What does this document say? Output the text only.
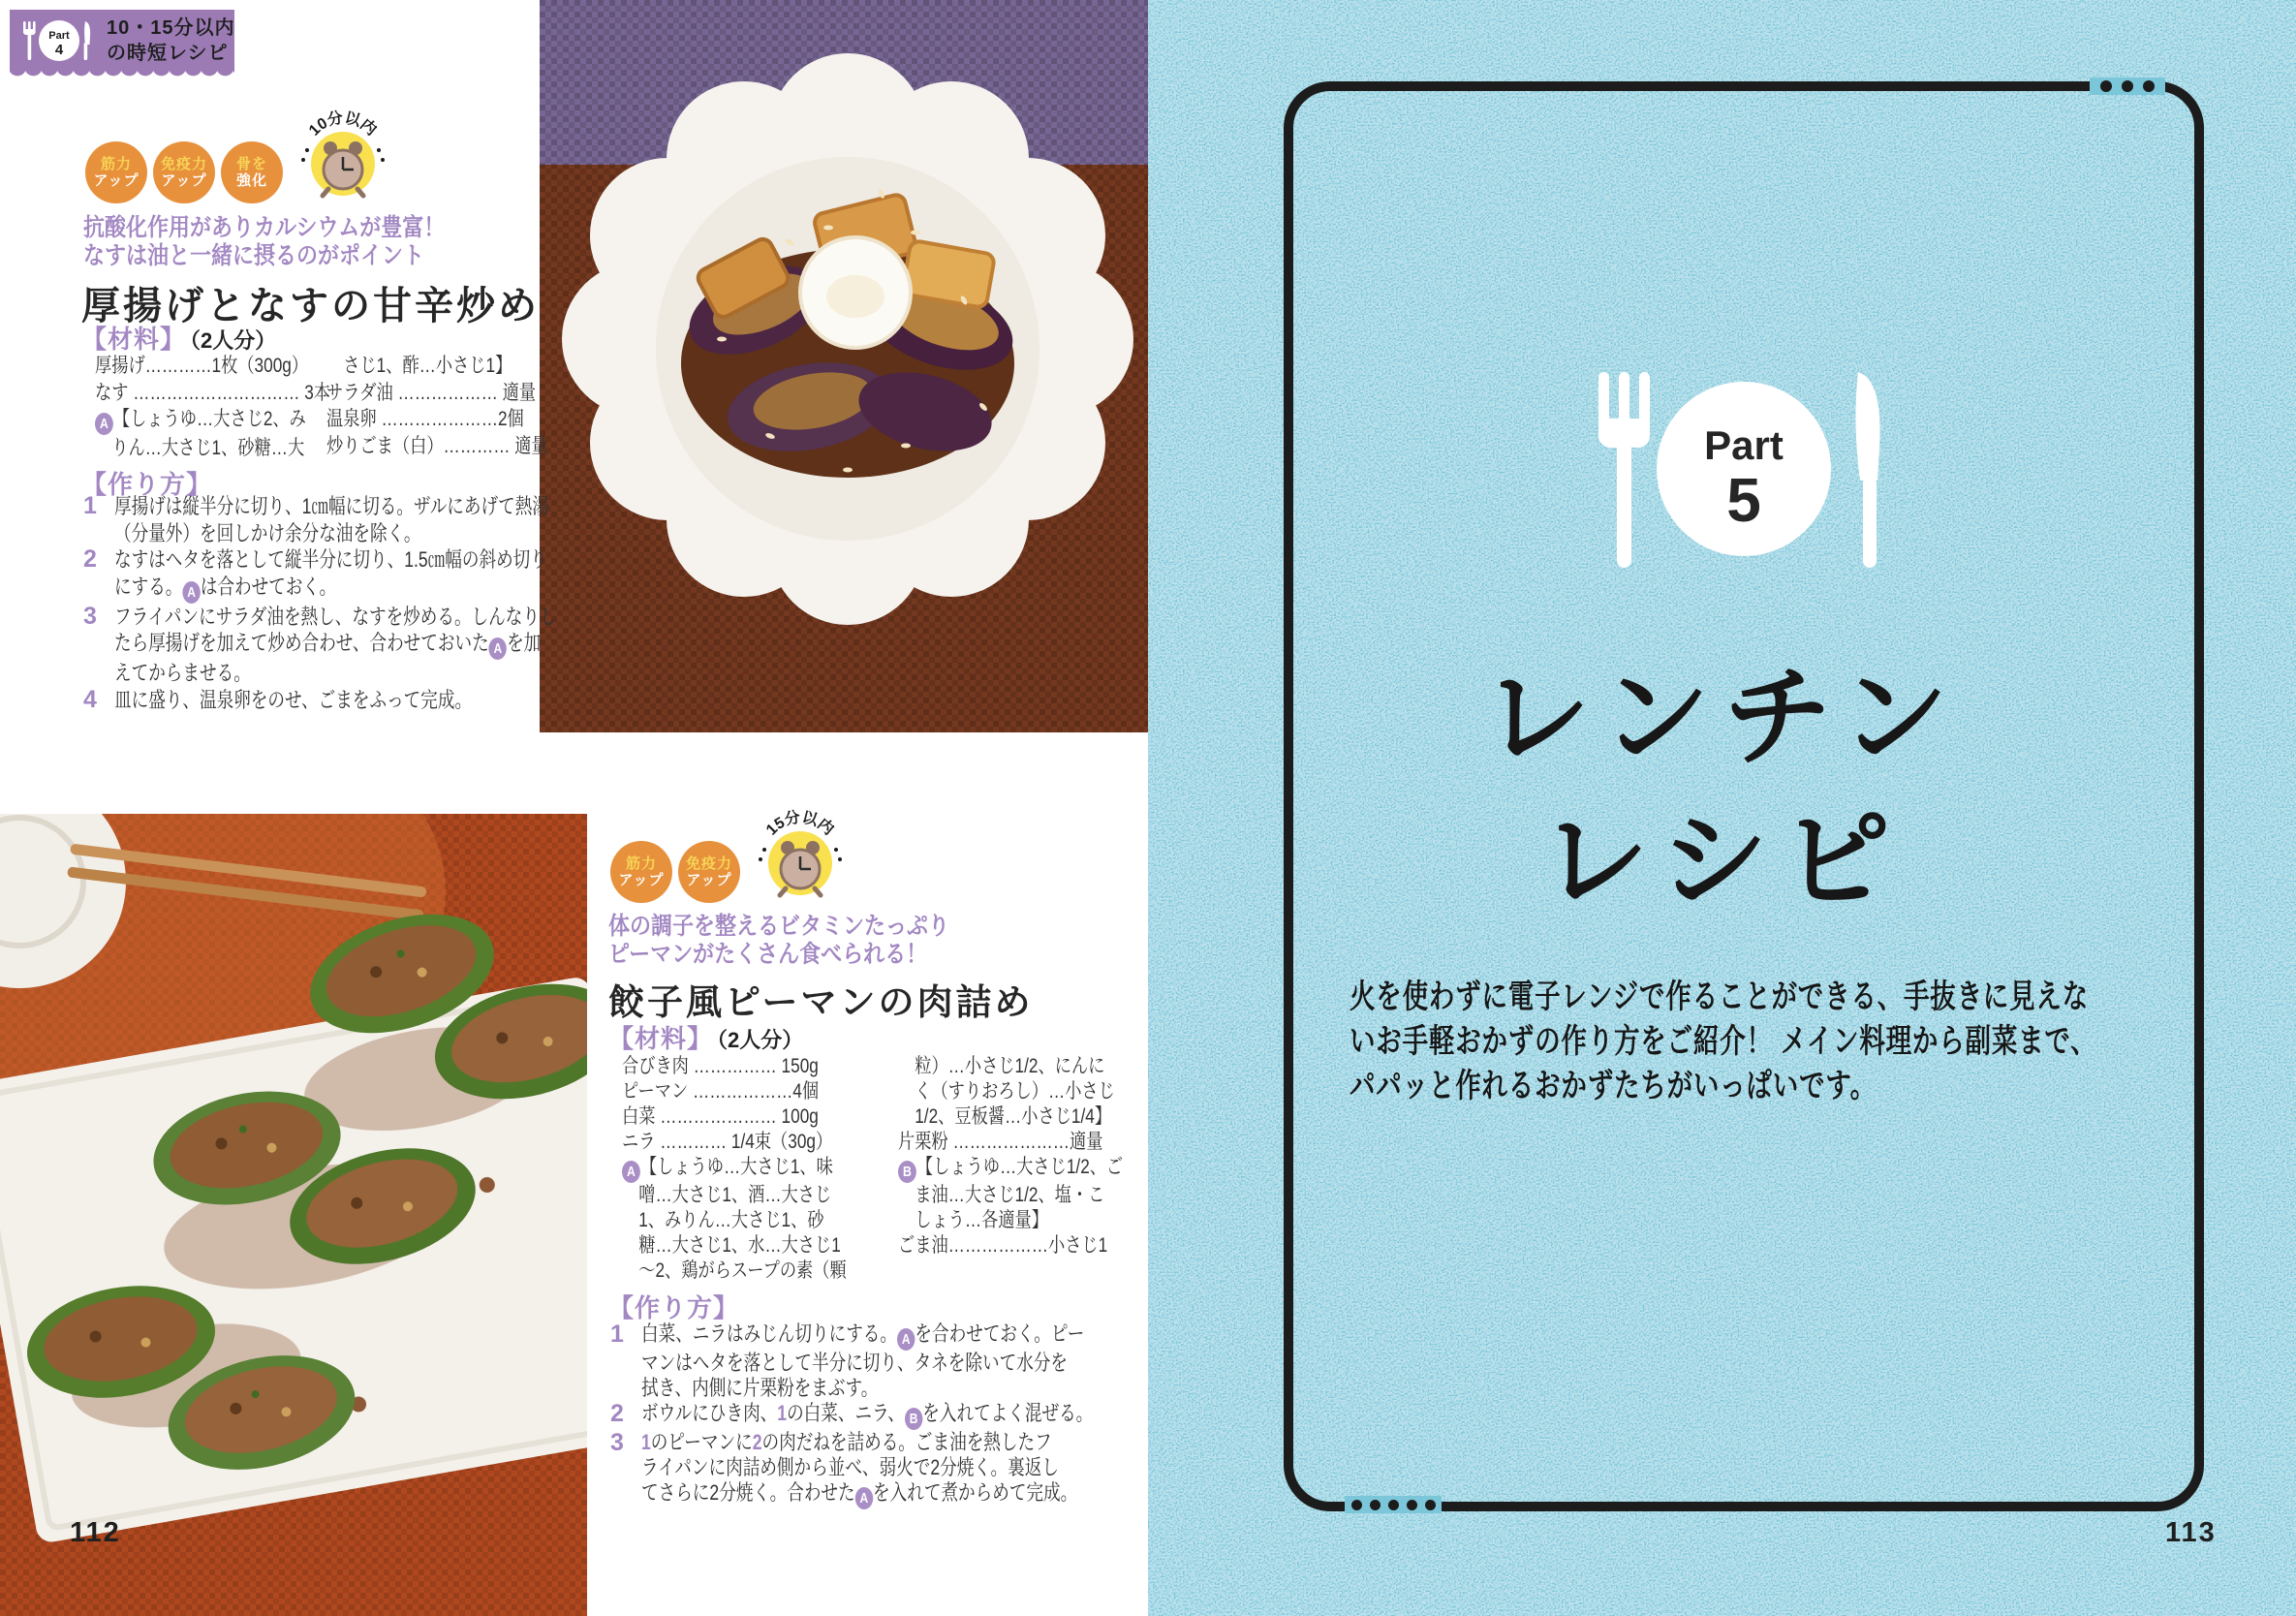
Part
4
10・15分以内
の時短レシピ
筋力
アップ
免疫力
アップ
骨を
強化
10分以内
抗酸化作用がありカルシウムが豊富！
なすは油と一緒に摂るのがポイント
厚揚げとなすの甘辛炒め
【材料】 （2人分）
厚揚げ…………1枚（300g）
なす ………………………… 3本
A 【しょうゆ…大さじ2、み
　りん…大さじ1、砂糖…大
　さじ1、酢…小さじ1】
サラダ油 ……………… 適量
温泉卵 …………………2個
炒りごま（白）………… 適量
【作り方】
1 厚揚げは縦半分に切り、1㎝幅に切る。ザルにあげて熱湯
（分量外）を回しかけ余分な油を除く。
2 なすはヘタを落として縦半分に切り、1.5㎝幅の斜め切り
にする。 A は合わせておく。
3 フライパンにサラダ油を熱し、なすを炒める。しんなりし
たら厚揚げを加えて炒め合わせ、合わせておいた A を加
えてからませる。
4 皿に盛り、温泉卵をのせ、ごまをふって完成。
筋力
アップ
免疫力
アップ
15分以内
体の調子を整えるビタミンたっぷり
ピーマンがたくさん食べられる！
餃子風ピーマンの肉詰め
【材料】 （2人分）
合びき肉 …………… 150g
ピーマン ………………4個
白菜 ………………… 100g
ニラ ………… 1/4束（30g）
A 【しょうゆ…大さじ1、味
　噌…大さじ1、酒…大さじ
　1、みりん…大さじ1、砂
　糖…大さじ1、水…大さじ1
　～2、鶏がらスープの素（顆
　粒）…小さじ1/2、にんに
　く（すりおろし）…小さじ
　1/2、豆板醤…小さじ1/4】
片栗粉 …………………適量
B 【しょうゆ…大さじ1/2、ご
　ま油…大さじ1/2、塩・こ
　しょう…各適量】
ごま油………………小さじ1
【作り方】
1 白菜、ニラはみじん切りにする。 A を合わせておく。ピー
マンはヘタを落として半分に切り、タネを除いて水分を
拭き、内側に片栗粉をまぶす。
2 ボウルにひき肉、1の白菜、ニラ、 B を入れてよく混ぜる。
3 1のピーマンに2の肉だねを詰める。ごま油を熱したフ
ライパンに肉詰め側から並べ、弱火で2分焼く。裏返し
てさらに2分焼く。合わせた A を入れて煮からめて完成。
112
Part
5
レンチン
レシピ
火を使わずに電子レンジで作ることができる、手抜きに見えな
いお手軽おかずの作り方をご紹介！ メイン料理から副菜まで、
パパッと作れるおかずたちがいっぱいです。
113
